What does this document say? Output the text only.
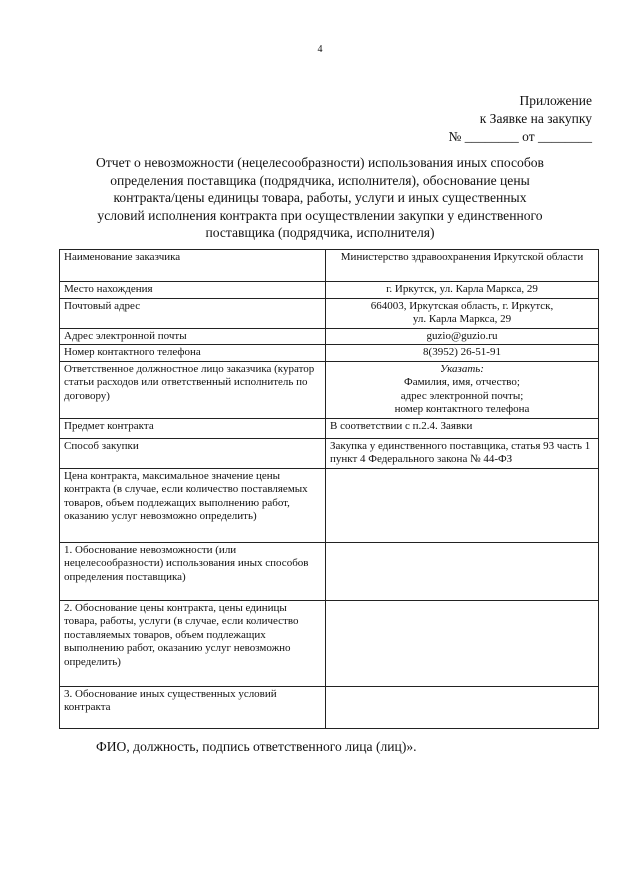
4
Приложение
к Заявке на закупку
№ ________ от ________
Отчет о невозможности (нецелесообразности) использования иных способов
определения поставщика (подрядчика, исполнителя), обоснование цены
контракта/цены единицы товара, работы, услуги и иных существенных
условий исполнения контракта при осуществлении закупки у единственного
поставщика (подрядчика, исполнителя)
Наименование заказчика	Министерство здравоохранения Иркутской области
Место нахождения	г. Иркутск, ул. Карла Маркса, 29
Почтовый адрес	664003, Иркутская область, г. Иркутск,
ул. Карла Маркса, 29

Адрес электронной почты	guzio@guzio.ru
Номер контактного телефона	8(3952) 26-51-91
Ответственное должностное лицо заказчика (куратор статьи расходов или ответственный исполнитель по договору)	Указать:
Фамилия, имя, отчество;
адрес электронной почты;
номер контактного телефона

Предмет контракта	В соответствии с п.2.4. Заявки
Способ закупки	Закупка у единственного поставщика, статья 93 часть 1 пункт 4 Федерального закона № 44-ФЗ
Цена контракта, максимальное значение цены контракта (в случае, если количество поставляемых товаров, объем подлежащих выполнению работ, оказанию услуг невозможно определить)	
1. Обоснование невозможности (или нецелесообразности) использования иных способов определения поставщика)	
2. Обоснование цены контракта, цены единицы товара, работы, услуги (в случае, если количество поставляемых товаров, объем подлежащих выполнению работ, оказанию услуг невозможно определить)	
3. Обоснование иных существенных условий контракта	
ФИО, должность, подпись ответственного лица (лиц)».
